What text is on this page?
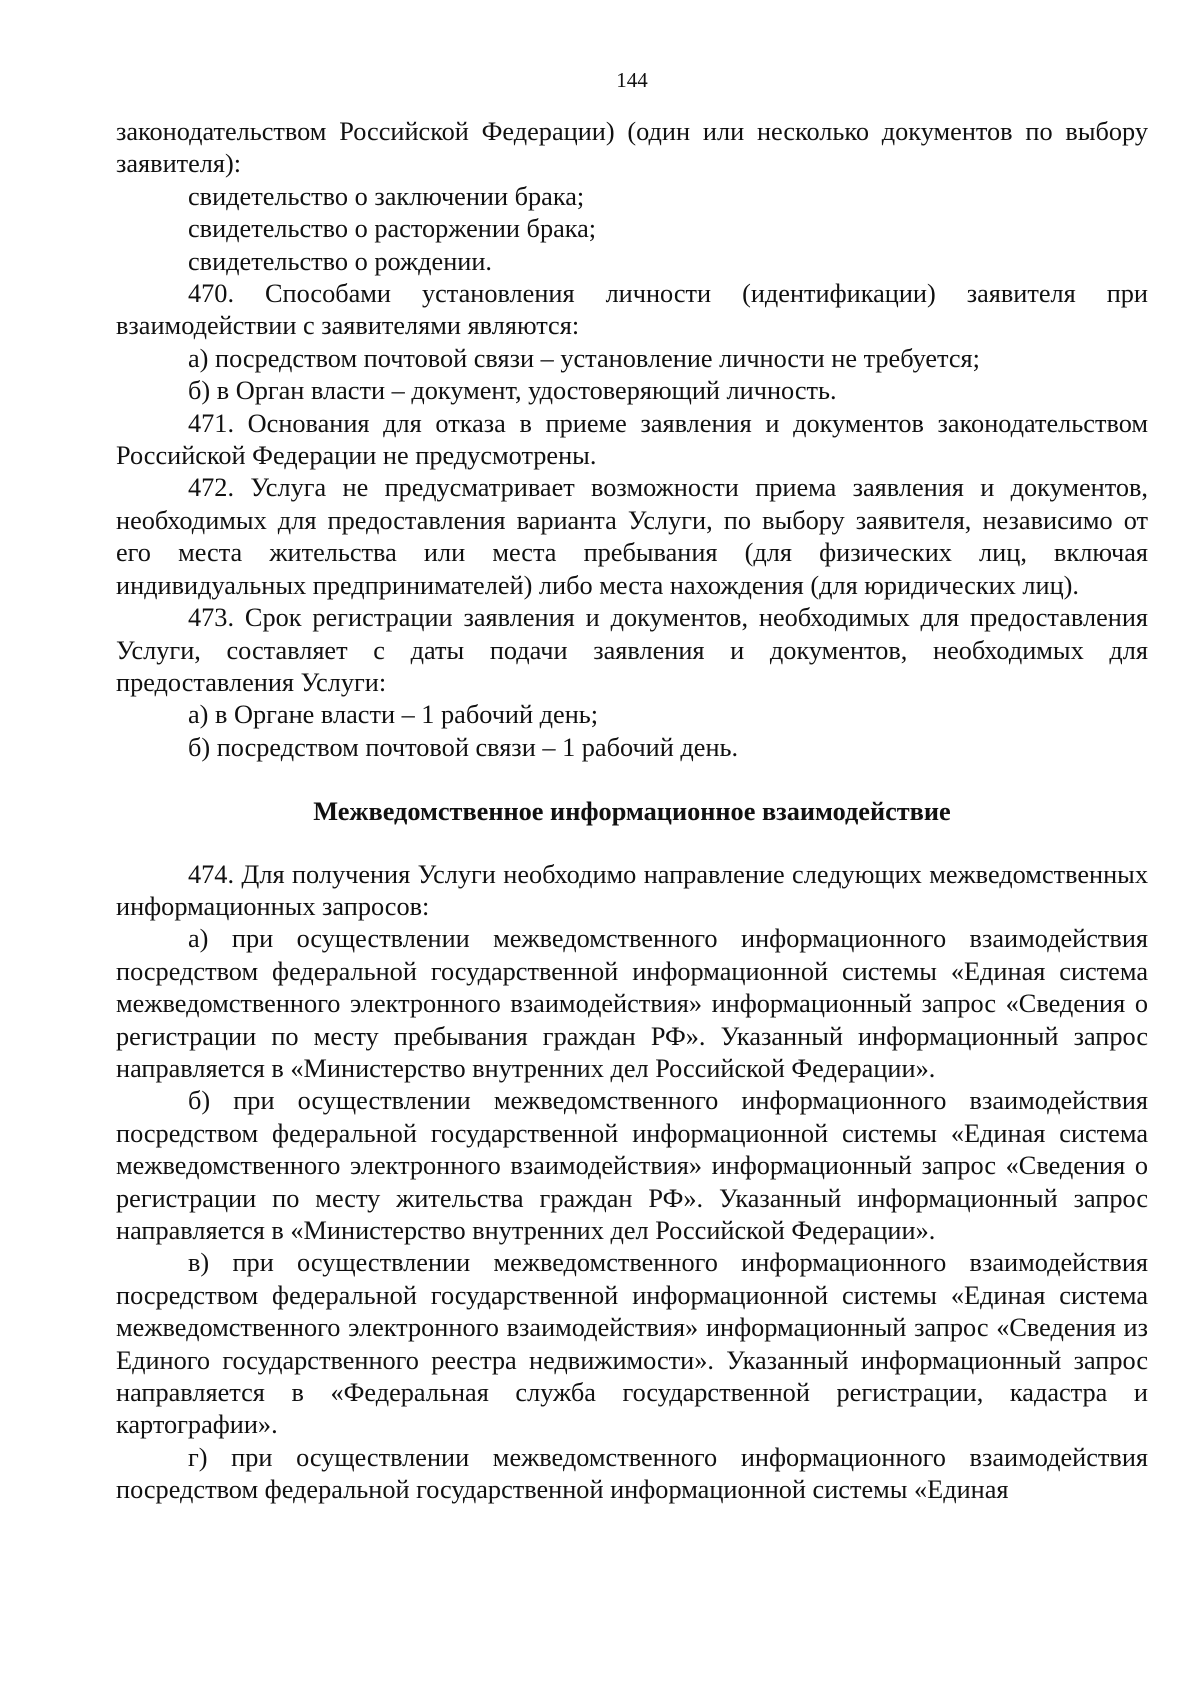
144

законодательством Российской Федерации) (один или несколько документов по выбору заявителя):

свидетельство о заключении брака;

свидетельство о расторжении брака;

свидетельство о рождении.

470. Способами установления личности (идентификации) заявителя при взаимодействии с заявителями являются:

а) посредством почтовой связи – установление личности не требуется;

б) в Орган власти – документ, удостоверяющий личность.

471. Основания для отказа в приеме заявления и документов законодательством Российской Федерации не предусмотрены.

472. Услуга не предусматривает возможности приема заявления и документов, необходимых для предоставления варианта Услуги, по выбору заявителя, независимо от его места жительства или места пребывания (для физических лиц, включая индивидуальных предпринимателей) либо места нахождения (для юридических лиц).

473. Срок регистрации заявления и документов, необходимых для предоставления Услуги, составляет с даты подачи заявления и документов, необходимых для предоставления Услуги:

а) в Органе власти – 1 рабочий день;

б) посредством почтовой связи – 1 рабочий день.

Межведомственное информационное взаимодействие

474. Для получения Услуги необходимо направление следующих межведомственных информационных запросов:

а) при осуществлении межведомственного информационного взаимодействия посредством федеральной государственной информационной системы «Единая система межведомственного электронного взаимодействия» информационный запрос «Сведения о регистрации по месту пребывания граждан РФ». Указанный информационный запрос направляется в «Министерство внутренних дел Российской Федерации».

б) при осуществлении межведомственного информационного взаимодействия посредством федеральной государственной информационной системы «Единая система межведомственного электронного взаимодействия» информационный запрос «Сведения о регистрации по месту жительства граждан РФ». Указанный информационный запрос направляется в «Министерство внутренних дел Российской Федерации».

в) при осуществлении межведомственного информационного взаимодействия посредством федеральной государственной информационной системы «Единая система межведомственного электронного взаимодействия» информационный запрос «Сведения из Единого государственного реестра недвижимости». Указанный информационный запрос направляется в «Федеральная служба государственной регистрации, кадастра и картографии».

г) при осуществлении межведомственного информационного взаимодействия посредством федеральной государственной информационной системы «Единая
